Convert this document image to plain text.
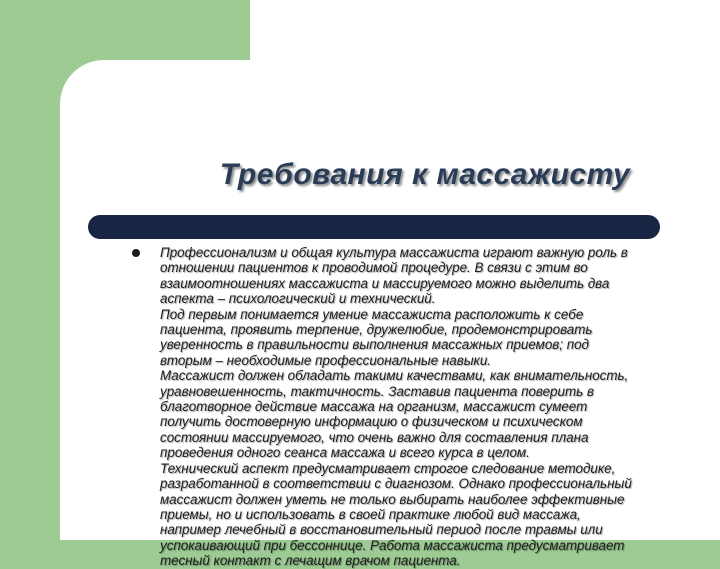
Требования к массажисту

Профессионализм и общая культура массажиста играют важную роль в
отношении пациентов к проводимой процедуре. В связи с этим во
взаимоотношениях массажиста и массируемого можно выделить два
аспекта – психологический и технический.
Под первым понимается умение массажиста расположить к себе
пациента, проявить терпение, дружелюбие, продемонстрировать
уверенность в правильности выполнения массажных приемов; под
вторым – необходимые профессиональные навыки.
Массажист должен обладать такими качествами, как внимательность,
уравновешенность, тактичность. Заставив пациента поверить в
благотворное действие массажа на организм, массажист сумеет
получить достоверную информацию о физическом и психическом
состоянии массируемого, что очень важно для составления плана
проведения одного сеанса массажа и всего курса в целом.
Технический аспект предусматривает строгое следование методике,
разработанной в соответствии с диагнозом. Однако профессиональный
массажист должен уметь не только выбирать наиболее эффективные
приемы, но и использовать в своей практике любой вид массажа,
например лечебный в восстановительный период после травмы или
успокаивающий при бессоннице. Работа массажиста предусматривает
тесный контакт с лечащим врачом пациента.
